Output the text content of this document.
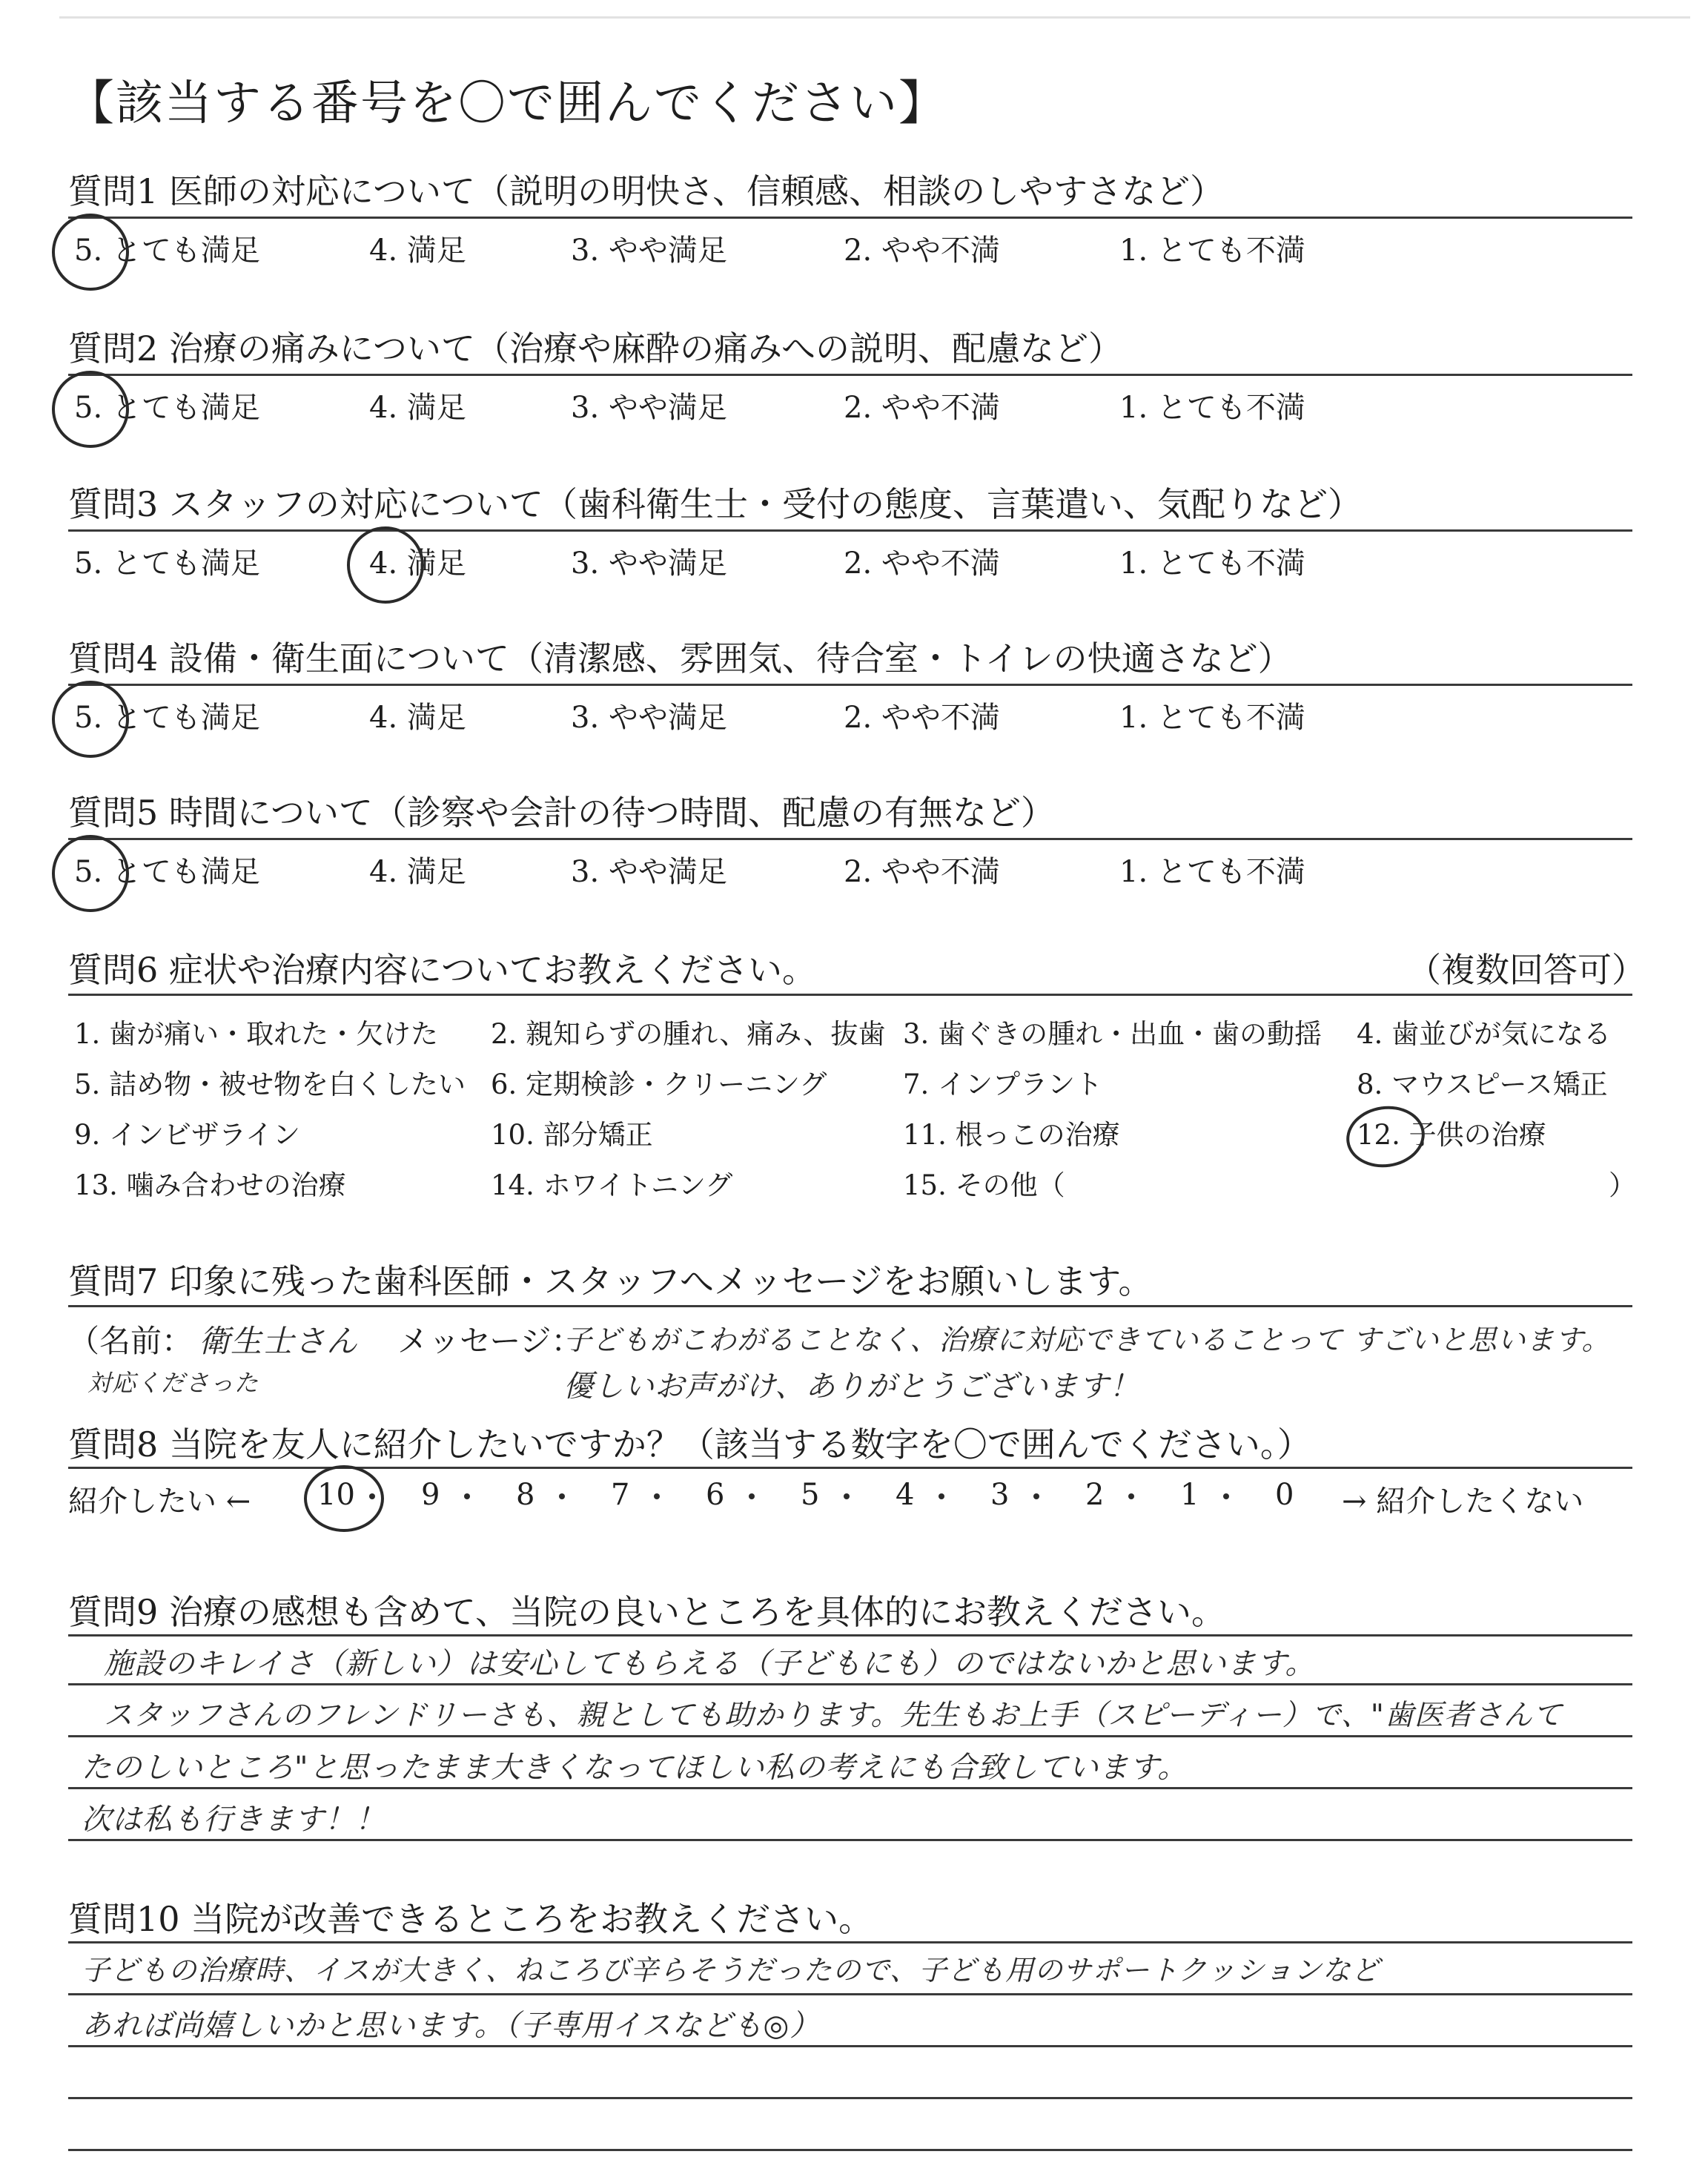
【該当する番号を〇で囲んでください】
質問1 医師の対応について（説明の明快さ、信頼感、相談のしやすさなど）
5. とても満足	4. 満足	3. やや満足	2. やや不満	1. とても不満
質問2 治療の痛みについて（治療や麻酔の痛みへの説明、配慮など）
5. とても満足	4. 満足	3. やや満足	2. やや不満	1. とても不満
質問3 スタッフの対応について（歯科衛生士・受付の態度、言葉遣い、気配りなど）
5. とても満足	4. 満足	3. やや満足	2. やや不満	1. とても不満
質問4 設備・衛生面について（清潔感、雰囲気、待合室・トイレの快適さなど）
5. とても満足	4. 満足	3. やや満足	2. やや不満	1. とても不満
質問5 時間について（診察や会計の待つ時間、配慮の有無など）
5. とても満足	4. 満足	3. やや満足	2. やや不満	1. とても不満
質問6 症状や治療内容についてお教えください。	（複数回答可）
1. 歯が痛い・取れた・欠けた 2. 親知らずの腫れ、痛み、抜歯 3. 歯ぐきの腫れ・出血・歯の動揺 4. 歯並びが気になる
5. 詰め物・被せ物を白くしたい 6. 定期検診・クリーニング	7. インプラント	8. マウスピース矯正
9. インビザライン	10. 部分矯正	11. 根っこの治療	12. 子供の治療
13. 噛み合わせの治療	14. ホワイトニング	15. その他（	）
質問7 印象に残った歯科医師・スタッフへメッセージをお願いします。
（名前： 衛生士さん
対応くださった
メッセージ：
子どもがこわがることなく、治療に対応できていることって すごいと思います。
優しいお声がけ、ありがとうございます！
質問8 当院を友人に紹介したいですか？（該当する数字を〇で囲んでください。）
紹介したい ← 10 9	8	7	6	5	4	3	2	1	0 → 紹介したくない
質問9 治療の感想も含めて、当院の良いところを具体的にお教えください。
施設のキレイさ（新しい）は安心してもらえる（子どもにも）のではないかと思います。
スタッフさんのフレンドリーさも、親としても助かります。先生もお上手（スピーディー）で、"歯医者さんて
たのしいところ"と思ったまま大きくなってほしい私の考えにも合致しています。
次は私も行きます！！
質問10 当院が改善できるところをお教えください。
子どもの治療時、イスが大きく、ねころび辛らそうだったので、子ども用のサポートクッションなど
あれば尚嬉しいかと思います。（子専用イスなども◎）
